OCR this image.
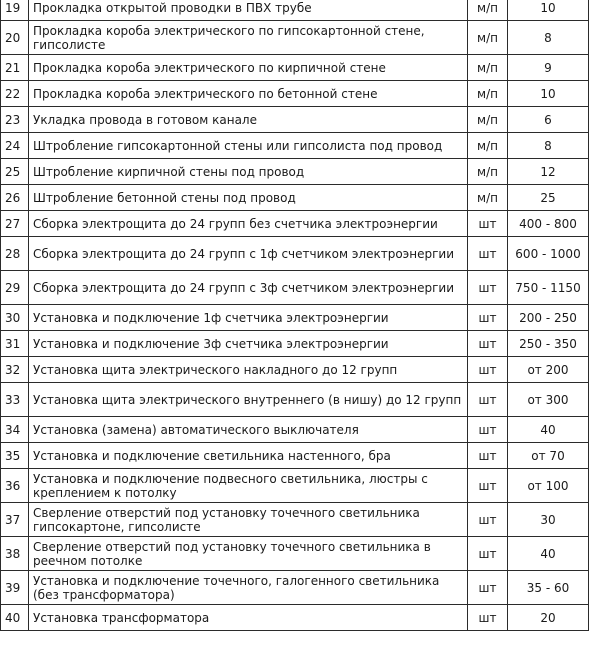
19	Прокладка открытой проводки в ПВХ трубе	м/п	10
20	Прокладка короба электрического по гипсокартонной стене, гипсолисте	м/п	8
21	Прокладка короба электрического по кирпичной стене	м/п	9
22	Прокладка короба электрического по бетонной стене	м/п	10
23	Укладка провода в готовом канале	м/п	6
24	Штробление гипсокартонной стены или гипсолиста под провод	м/п	8
25	Штробление кирпичной стены под провод	м/п	12
26	Штробление бетонной стены под провод	м/п	25
27	Сборка электрощита до 24 групп без счетчика электроэнергии	шт	400 - 800
28	Сборка электрощита до 24 групп с 1ф счетчиком электроэнергии	шт	600 - 1000
29	Сборка электрощита до 24 групп с 3ф счетчиком электроэнергии	шт	750 - 1150
30	Установка и подключение 1ф счетчика электроэнергии	шт	200 - 250
31	Установка и подключение 3ф счетчика электроэнергии	шт	250 - 350
32	Установка щита электрического накладного до 12 групп	шт	от 200
33	Установка щита электрического внутреннего (в нишу) до 12 групп	шт	от 300
34	Установка (замена) автоматического выключателя	шт	40
35	Установка и подключение светильника настенного, бра	шт	от 70
36	Установка и подключение подвесного светильника, люстры с креплением к потолку	шт	от 100
37	Сверление отверстий под установку точечного светильника гипсокартоне, гипсолисте	шт	30
38	Сверление отверстий под установку точечного светильника в реечном потолке	шт	40
39	Установка и подключение точечного, галогенного светильника (без трансформатора)	шт	35 - 60
40	Установка трансформатора	шт	20
